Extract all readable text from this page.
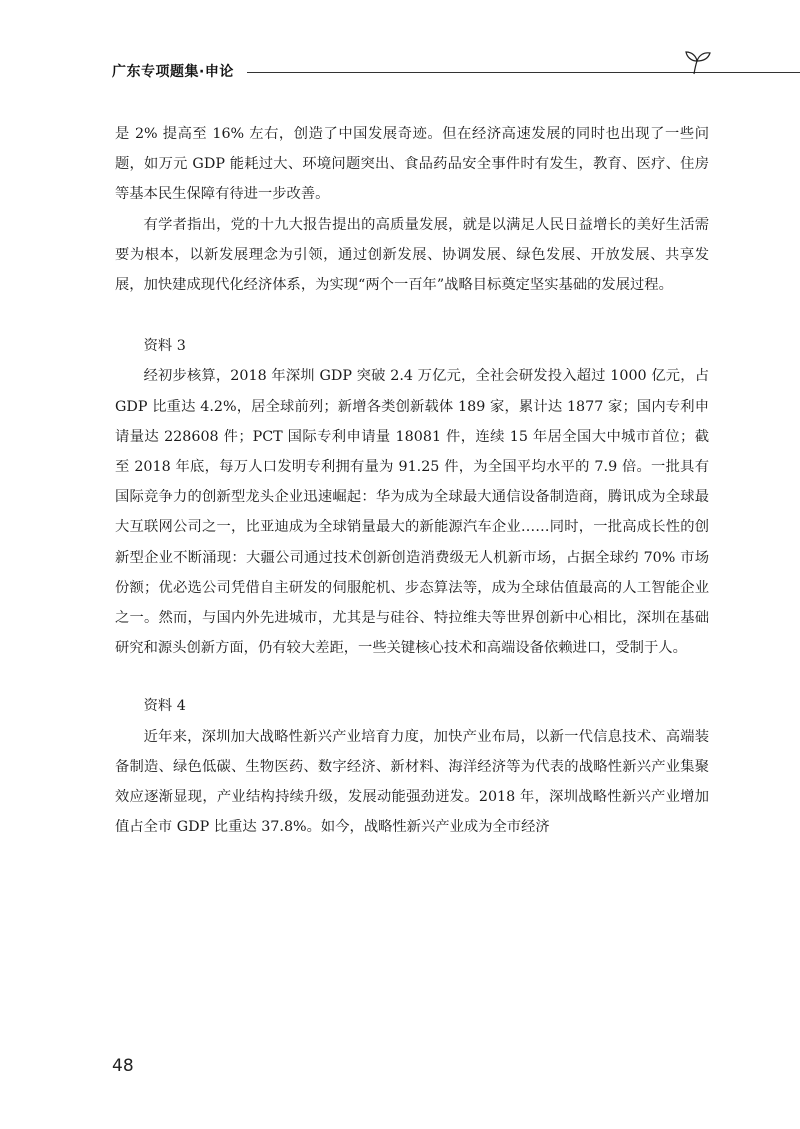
广东专项题集·申论

是 2% 提高至 16% 左右，创造了中国发展奇迹。但在经济高速发展的同时也出现了一些问题，如万元 GDP 能耗过大、环境问题突出、食品药品安全事件时有发生，教育、医疗、住房等基本民生保障有待进一步改善。

有学者指出，党的十九大报告提出的高质量发展，就是以满足人民日益增长的美好生活需要为根本，以新发展理念为引领，通过创新发展、协调发展、绿色发展、开放发展、共享发展，加快建成现代化经济体系，为实现“两个一百年”战略目标奠定坚实基础的发展过程。

资料 3

经初步核算，2018 年深圳 GDP 突破 2.4 万亿元，全社会研发投入超过 1000 亿元，占 GDP 比重达 4.2%，居全球前列；新增各类创新载体 189 家，累计达 1877 家；国内专利申请量达 228608 件；PCT 国际专利申请量 18081 件，连续 15 年居全国大中城市首位；截至 2018 年底，每万人口发明专利拥有量为 91.25 件，为全国平均水平的 7.9 倍。一批具有国际竞争力的创新型龙头企业迅速崛起：华为成为全球最大通信设备制造商，腾讯成为全球最大互联网公司之一，比亚迪成为全球销量最大的新能源汽车企业……同时，一批高成长性的创新型企业不断涌现：大疆公司通过技术创新创造消费级无人机新市场，占据全球约 70% 市场份额；优必选公司凭借自主研发的伺服舵机、步态算法等，成为全球估值最高的人工智能企业之一。然而，与国内外先进城市，尤其是与硅谷、特拉维夫等世界创新中心相比，深圳在基础研究和源头创新方面，仍有较大差距，一些关键核心技术和高端设备依赖进口，受制于人。

资料 4

近年来，深圳加大战略性新兴产业培育力度，加快产业布局，以新一代信息技术、高端装备制造、绿色低碳、生物医药、数字经济、新材料、海洋经济等为代表的战略性新兴产业集聚效应逐渐显现，产业结构持续升级，发展动能强劲迸发。2018 年，深圳战略性新兴产业增加值占全市 GDP 比重达 37.8%。如今，战略性新兴产业成为全市经济

48
